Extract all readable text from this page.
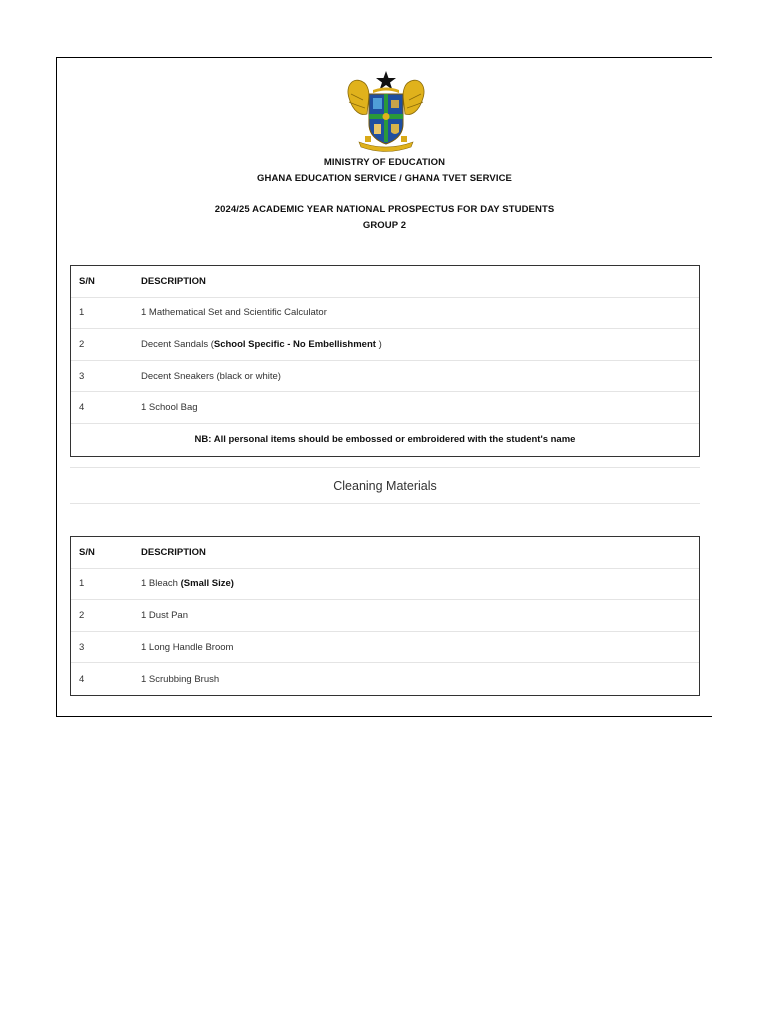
MINISTRY OF EDUCATION
GHANA EDUCATION SERVICE / GHANA TVET SERVICE
2024/25 ACADEMIC YEAR NATIONAL PROSPECTUS FOR DAY STUDENTS
GROUP 2
S/N	DESCRIPTION
1	1 Mathematical Set and Scientific Calculator
2	Decent Sandals (School Specific - No Embellishment )
3	Decent Sneakers (black or white)
4	1 School Bag
NB: All personal items should be embossed or embroidered with the student's name
Cleaning Materials
S/N	DESCRIPTION
1	1 Bleach (Small Size)
2	1 Dust Pan
3	1 Long Handle Broom
4	1 Scrubbing Brush
